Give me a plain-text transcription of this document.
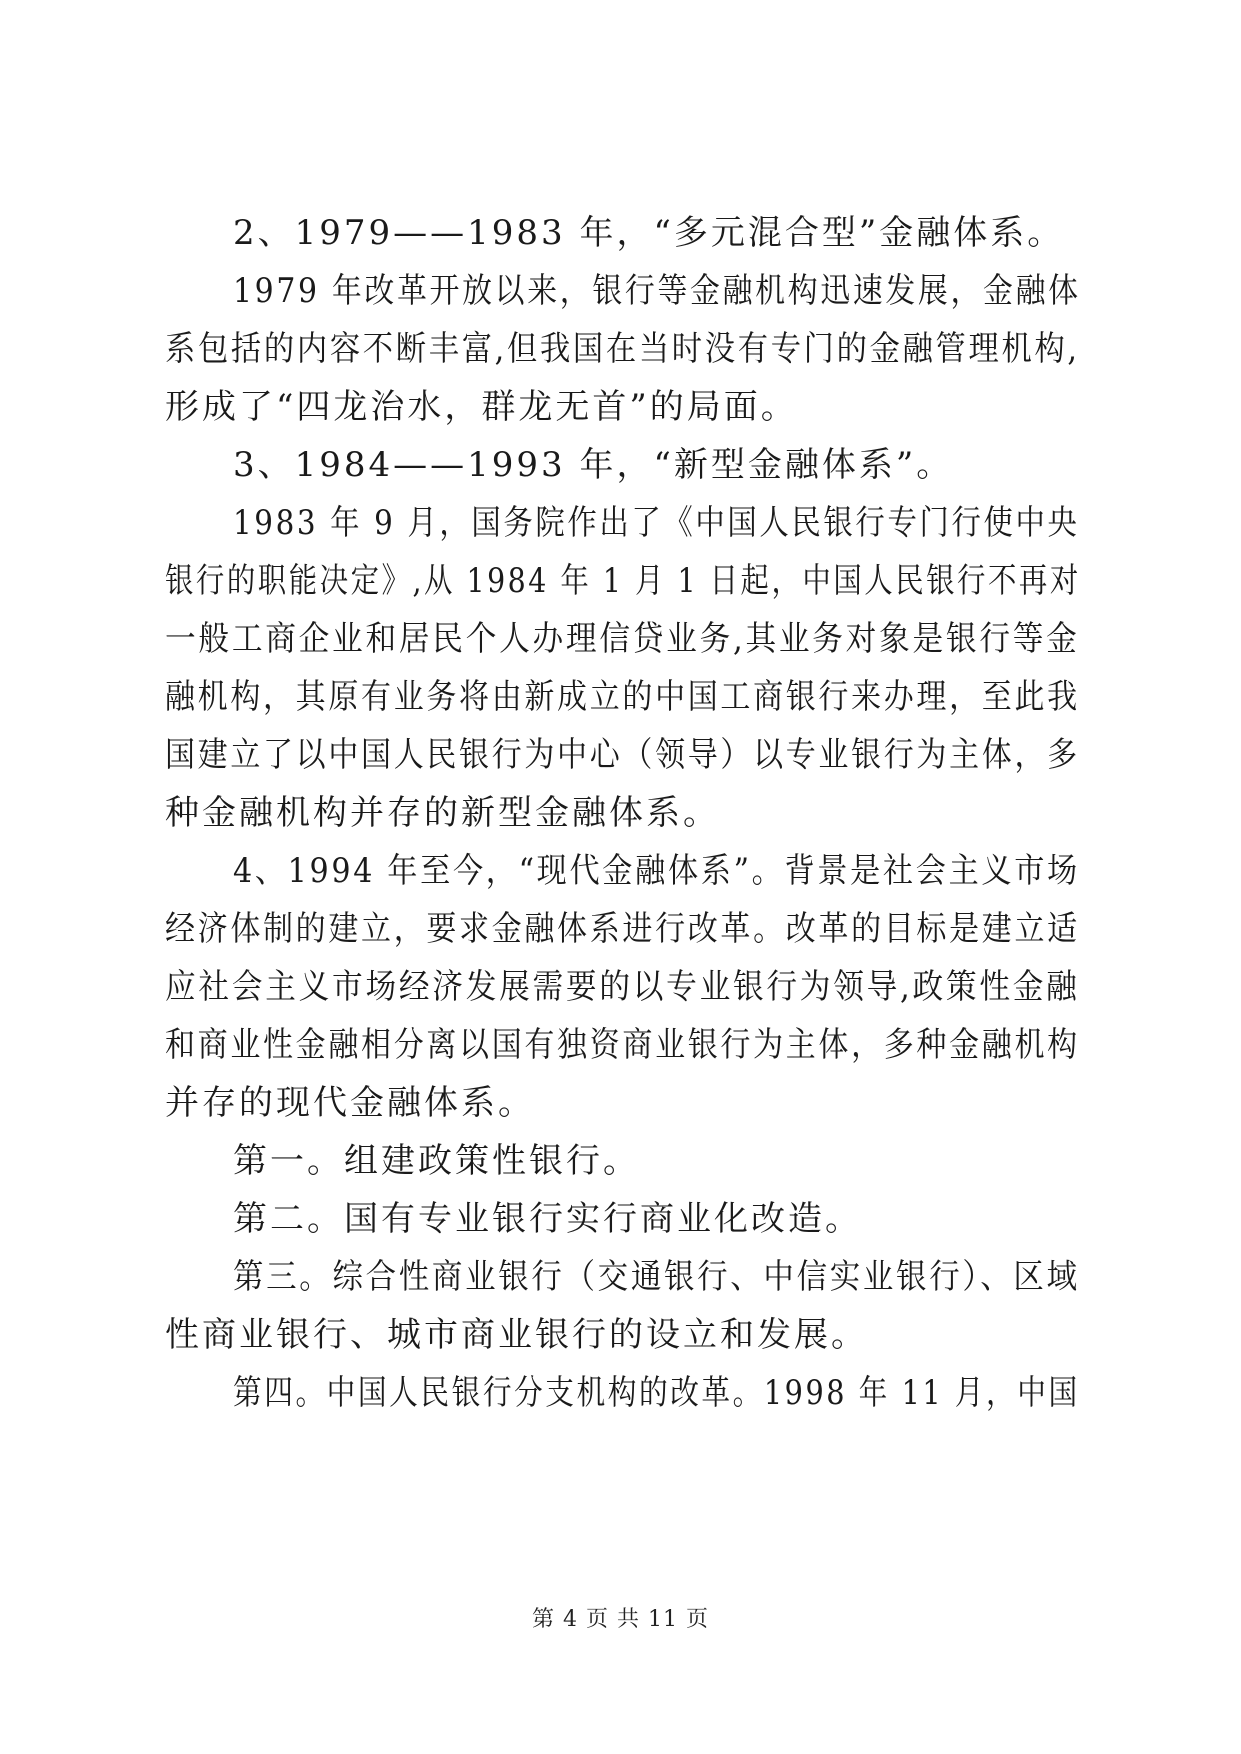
2、1979——1983 年，“多元混合型”金融体系。
1979 年改革开放以来，银行等金融机构迅速发展，金融体
系包括的内容不断丰富,但我国在当时没有专门的金融管理机构,
形成了“四龙治水，群龙无首”的局面。
3、1984——1993 年，“新型金融体系”。
1983 年 9 月，国务院作出了《中国人民银行专门行使中央
银行的职能决定》,从 1984 年 1 月 1 日起，中国人民银行不再对
一般工商企业和居民个人办理信贷业务,其业务对象是银行等金
融机构，其原有业务将由新成立的中国工商银行来办理，至此我
国建立了以中国人民银行为中心（领导）以专业银行为主体，多
种金融机构并存的新型金融体系。
4、1994 年至今，“现代金融体系”。背景是社会主义市场
经济体制的建立，要求金融体系进行改革。改革的目标是建立适
应社会主义市场经济发展需要的以专业银行为领导,政策性金融
和商业性金融相分离以国有独资商业银行为主体，多种金融机构
并存的现代金融体系。
第一。组建政策性银行。
第二。国有专业银行实行商业化改造。
第三。综合性商业银行（交通银行、中信实业银行）、区域
性商业银行、城市商业银行的设立和发展。
第四。中国人民银行分支机构的改革。1998 年 11 月，中国
第 4 页 共 11 页
